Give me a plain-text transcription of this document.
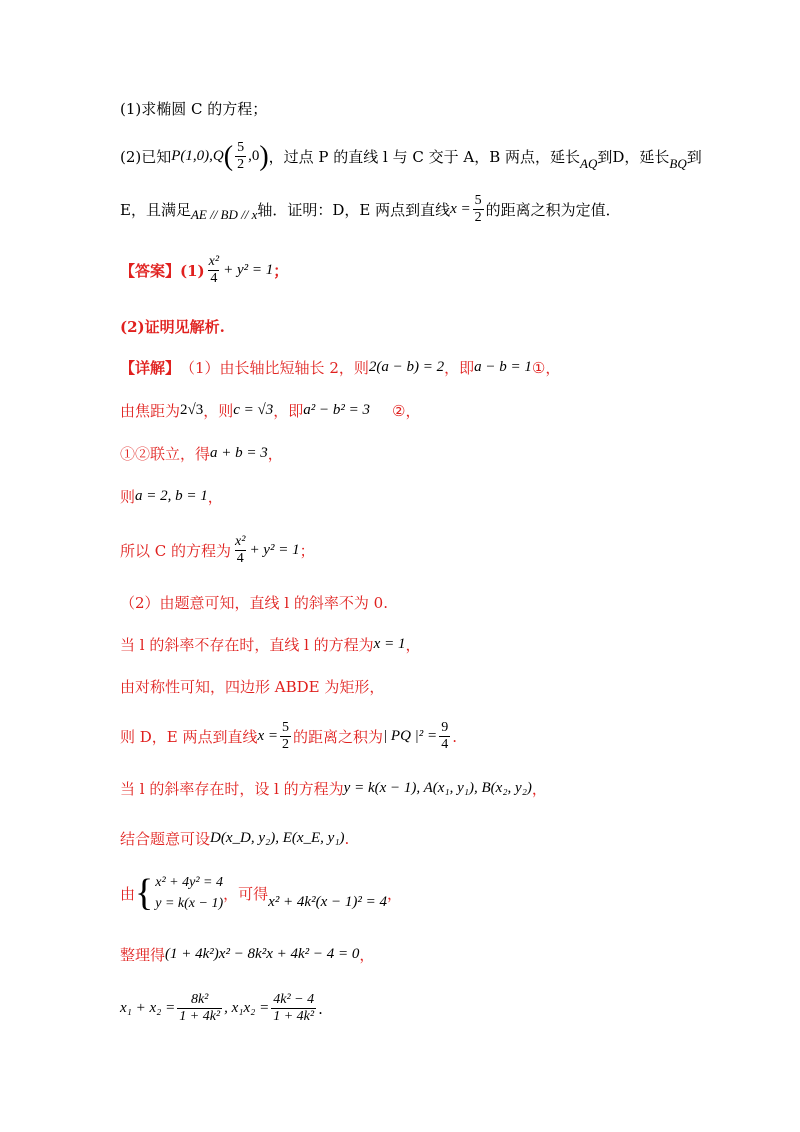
(1)求椭圆 C 的方程；
(2)已知 P(1,0),Q ( $\frac{5}{2} ,0$ ) ，过点 P 的直线 l 与 C 交于 A，B 两点，延长 AQ 到D，延长 BQ 到
E，且满足 AE // BD // x 轴．证明：D，E 两点到直线 $x = \frac{5}{2}$ 的距离之积为定值．
【答案】 $(1) \frac{\text{x²}}{4} + y^2 = 1$ ；
(2)证明见解析.
【详解】 （1）由长轴比短轴长 2，则 2(a − b) = 2 ，即 a − b = 1 ①，
由焦距为 2√3 ，则 c = √3 ，即 a² − b² = 3 ②，
①②联立，得 a + b = 3 ，
则 a = 2, b = 1 ，
所以 C 的方程为 $\frac{\text{x²}}{4} + y^2 = 1$ ；
（2）由题意可知，直线 l 的斜率不为 0.
当 l 的斜率不存在时，直线 l 的方程为 x = 1 ，
由对称性可知，四边形 ABDE 为矩形，
则 D，E 两点到直线 $x = \frac{5}{2}$ 的距离之积为 | PQ $|^2 = \frac{9}{4}$ .
当 l 的斜率存在时，设 l 的方程为 y = k(x − 1), A(x₁, y₁), B(x₂, y₂) ，
结合题意可设 D(x_D, y₂), E(x_E, y₁) .
由 { x² + 4y² = 4
y = k(x − 1)
，可得 x² + 4k²(x − 1)² = 4 ，
整理得 (1 + 4k²)x² − 8k²x + 4k² − 4 = 0 ，
$x_1 + x_2 = \frac{\text{8k²}}{\text{1 + 4k²}}$ , $x_1x_2 = \frac{\text{4k² − 4}}{\text{1 + 4k²}}$ .
